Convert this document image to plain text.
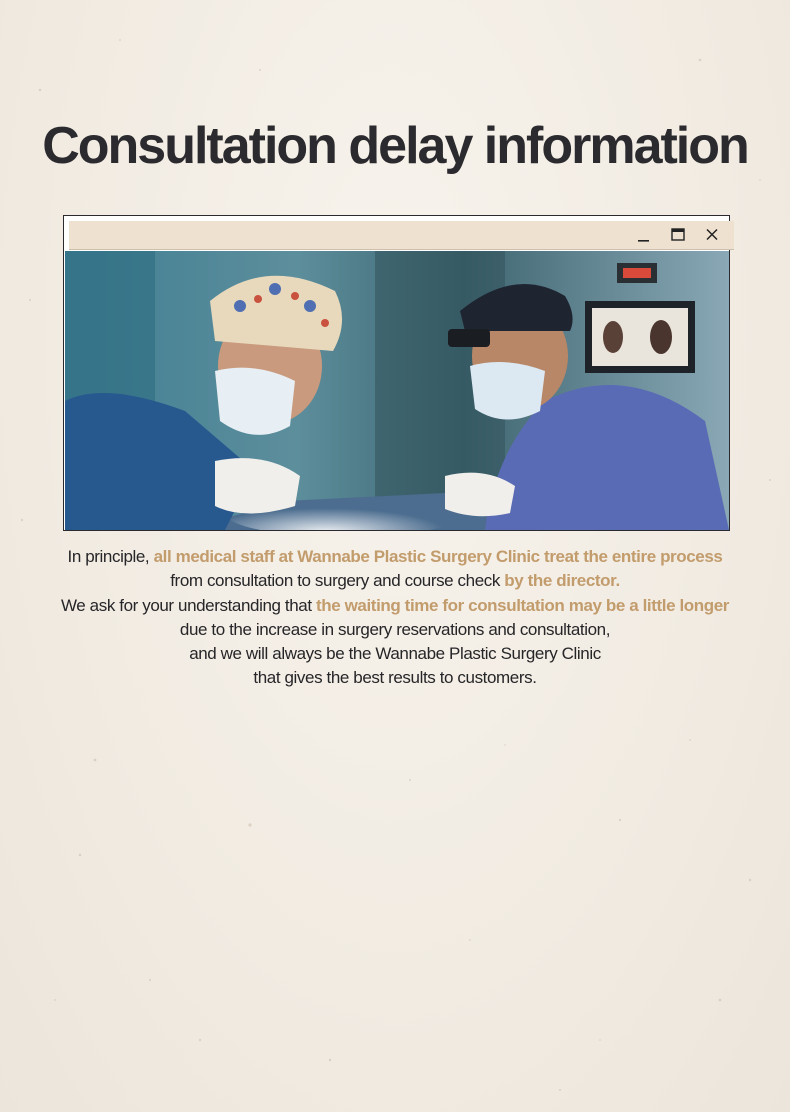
Consultation delay information
In principle, all medical staff at Wannabe Plastic Surgery Clinic treat the entire process
from consultation to surgery and course check by the director.
We ask for your understanding that the waiting time for consultation may be a little longer
due to the increase in surgery reservations and consultation,
and we will always be the Wannabe Plastic Surgery Clinic
that gives the best results to customers.
